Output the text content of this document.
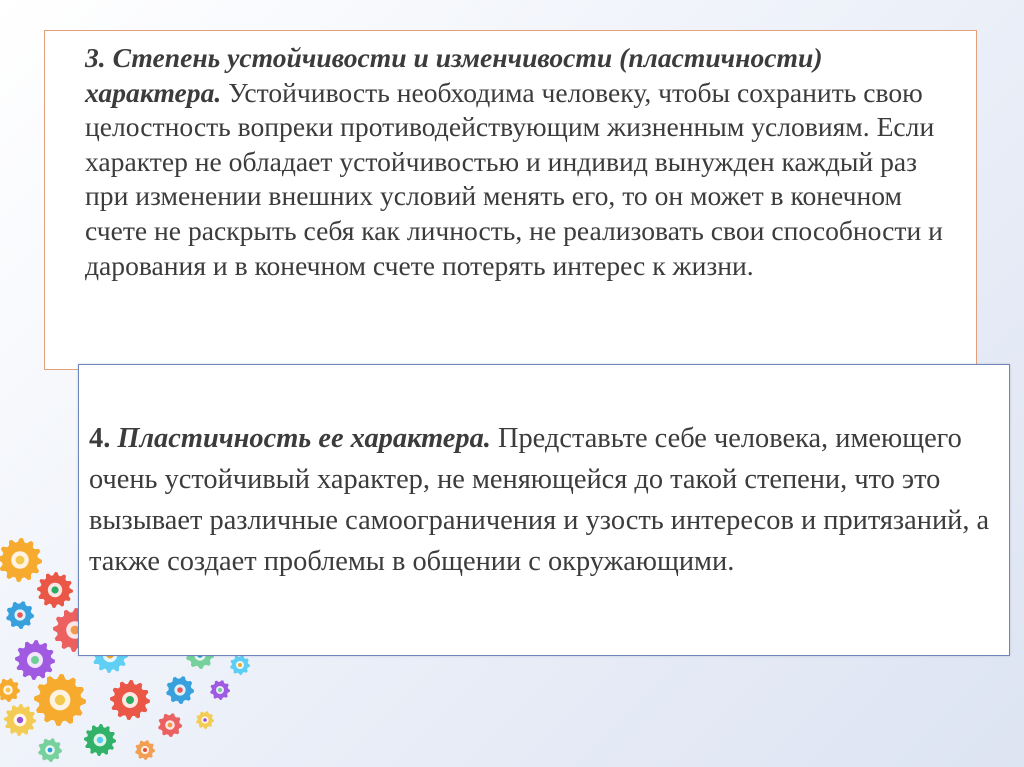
3. Степень устойчивости и изменчивости (пластичности) характера. Устойчивость необходима человеку, чтобы сохранить свою целостность вопреки противодействующим жизненным условиям. Если характер не обладает устойчивостью и индивид вынужден каждый раз при изменении внешних условий менять его, то он может в конечном счете не раскрыть себя как личность, не реализовать свои способности и дарования и в конечном счете потерять интерес к жизни.

4. Пластичность ее характера. Представьте себе человека, имеющего очень устойчивый характер, не меняющейся до такой степени, что это вызывает различные самоограничения и узость интересов и притязаний, а также создает проблемы в общении с окружающими.
